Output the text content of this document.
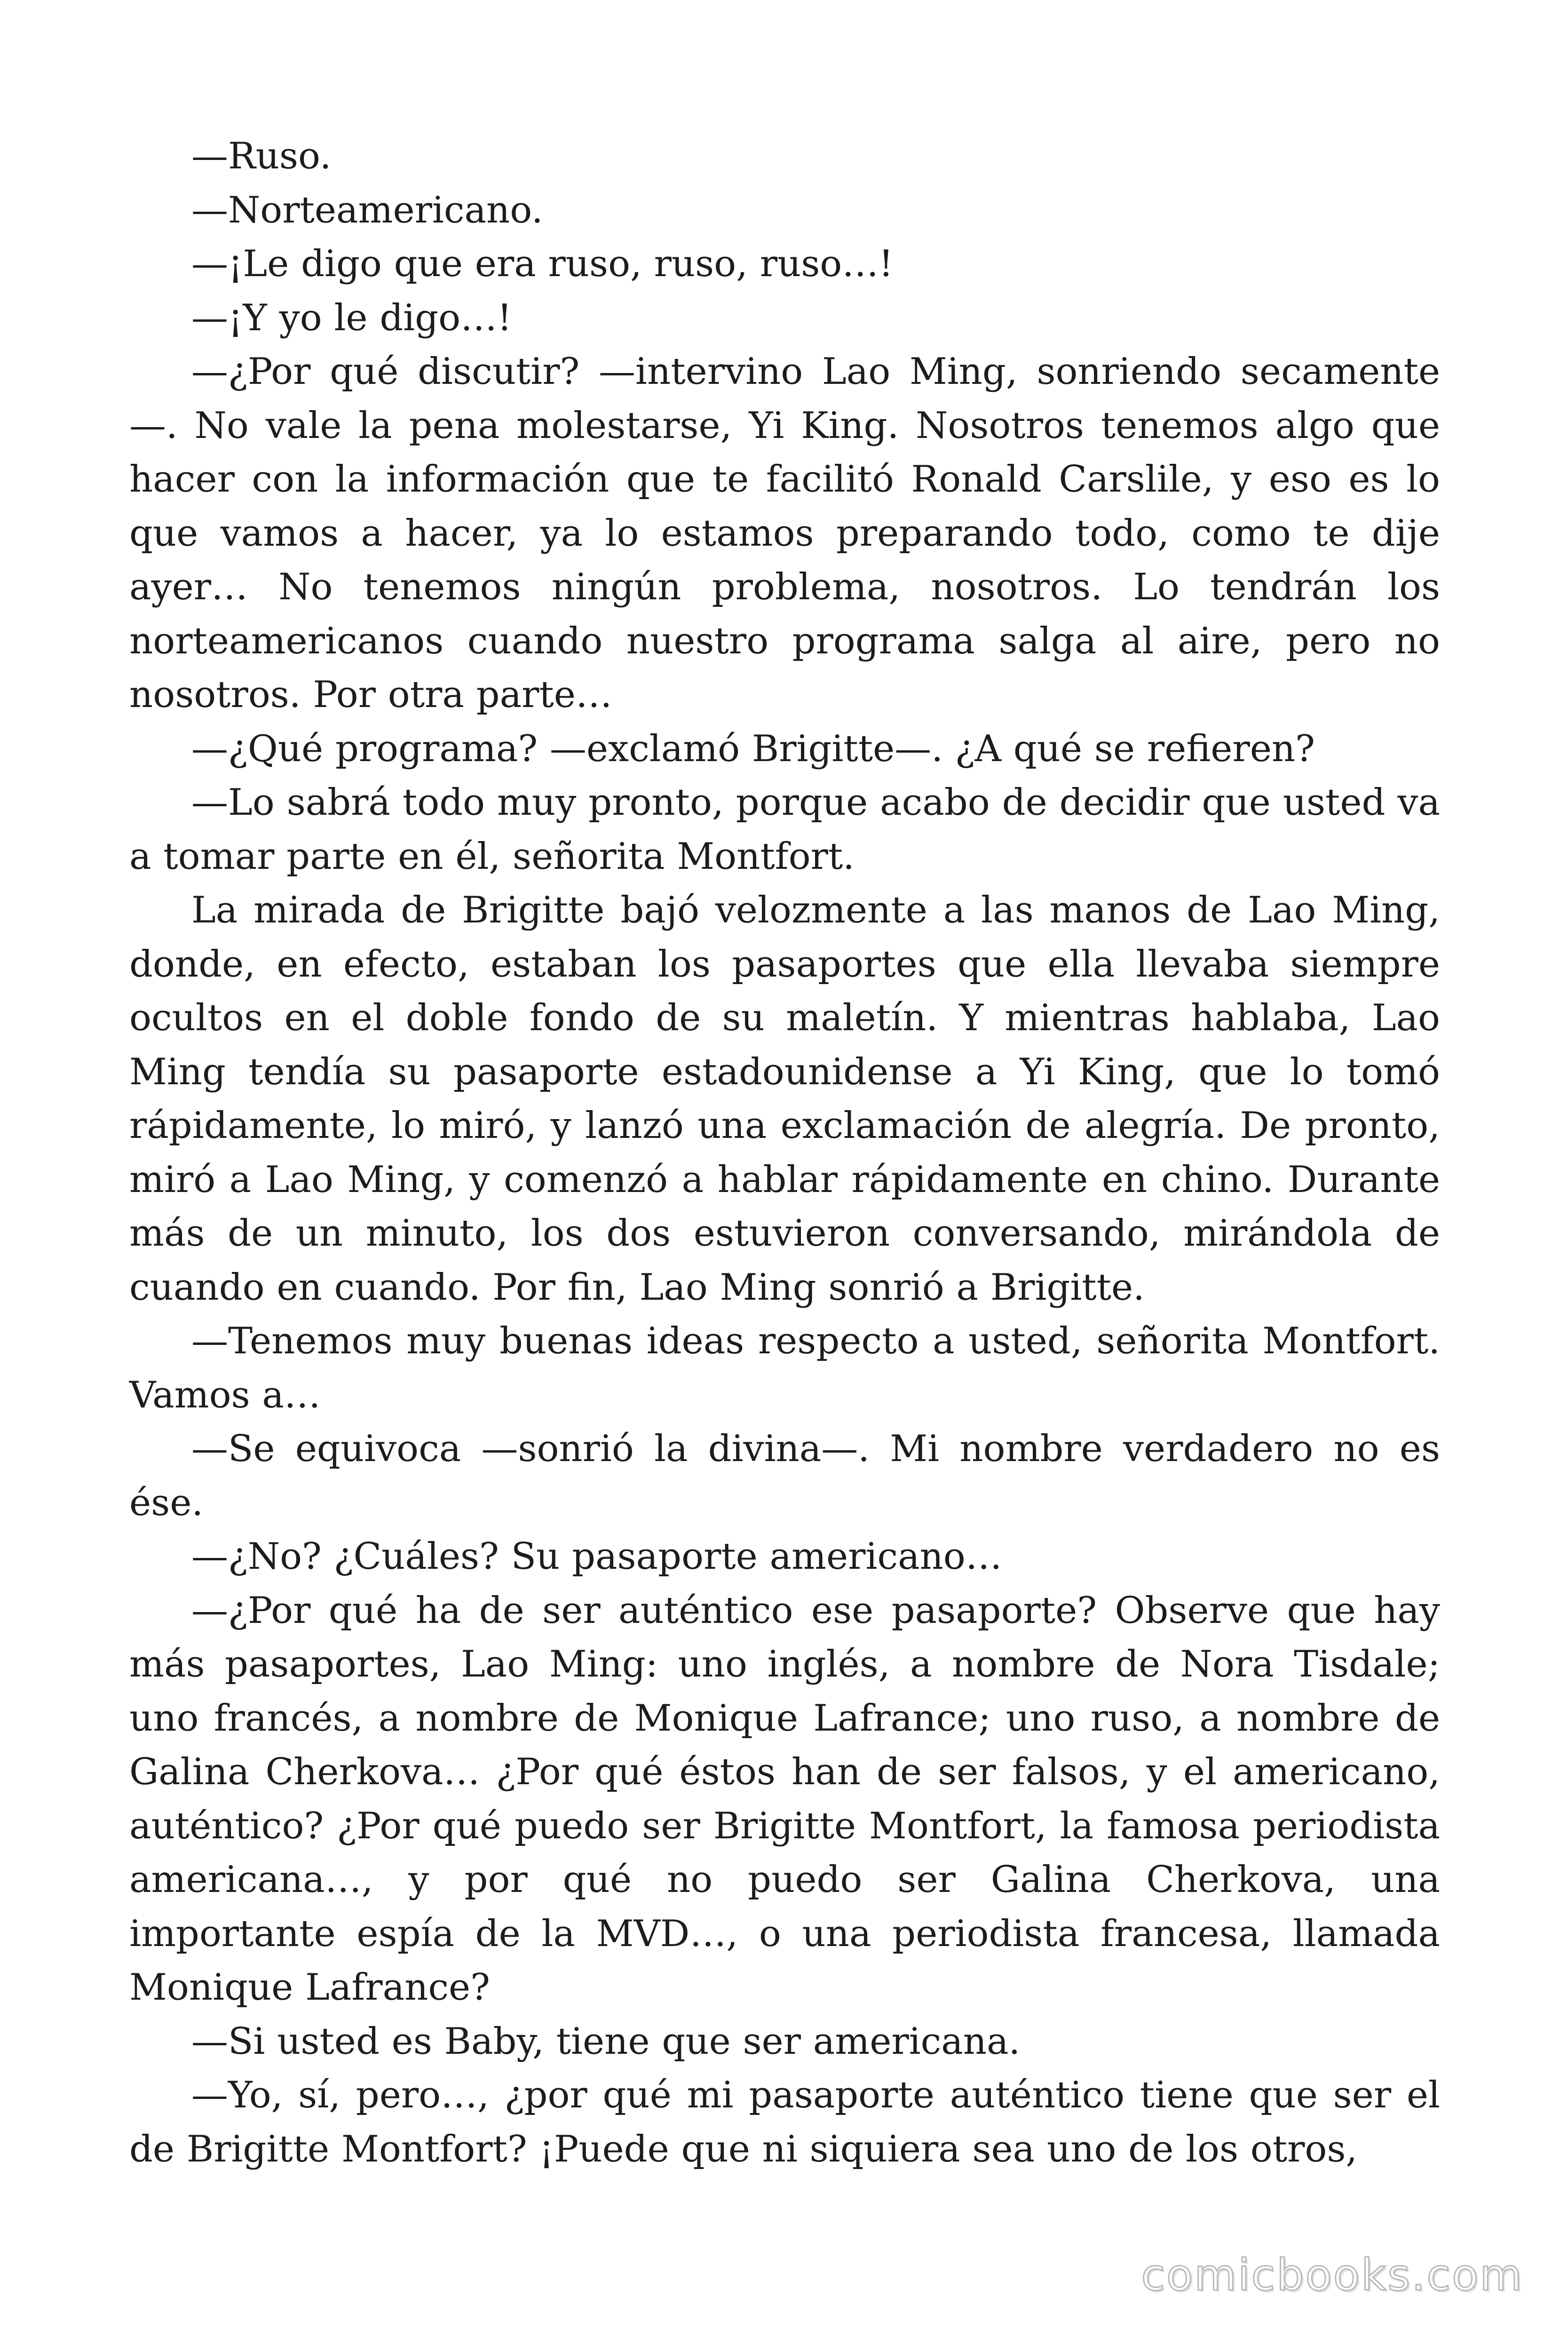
—Ruso.

—Norteamericano.

—¡Le digo que era ruso, ruso, ruso…!

—¡Y yo le digo…!

—¿Por qué discutir? —intervino Lao Ming, sonriendo secamente —. No vale la pena molestarse, Yi King. Nosotros tenemos algo que hacer con la información que te facilitó Ronald Carslile, y eso es lo que vamos a hacer, ya lo estamos preparando todo, como te dije ayer… No tenemos ningún problema, nosotros. Lo tendrán los norteamericanos cuando nuestro programa salga al aire, pero no nosotros. Por otra parte…

—¿Qué programa? —exclamó Brigitte—. ¿A qué se refieren?

—Lo sabrá todo muy pronto, porque acabo de decidir que usted va a tomar parte en él, señorita Montfort.

La mirada de Brigitte bajó velozmente a las manos de Lao Ming, donde, en efecto, estaban los pasaportes que ella llevaba siempre ocultos en el doble fondo de su maletín. Y mientras hablaba, Lao Ming tendía su pasaporte estadounidense a Yi King, que lo tomó rápidamente, lo miró, y lanzó una exclamación de alegría. De pronto, miró a Lao Ming, y comenzó a hablar rápidamente en chino. Durante más de un minuto, los dos estuvieron conversando, mirándola de cuando en cuando. Por fin, Lao Ming sonrió a Brigitte.

—Tenemos muy buenas ideas respecto a usted, señorita Montfort. Vamos a…

—Se equivoca —sonrió la divina—. Mi nombre verdadero no es ése.

—¿No? ¿Cuáles? Su pasaporte americano…

—¿Por qué ha de ser auténtico ese pasaporte? Observe que hay más pasaportes, Lao Ming: uno inglés, a nombre de Nora Tisdale; uno francés, a nombre de Monique Lafrance; uno ruso, a nombre de Galina Cherkova… ¿Por qué éstos han de ser falsos, y el americano, auténtico? ¿Por qué puedo ser Brigitte Montfort, la famosa periodista americana…, y por qué no puedo ser Galina Cherkova, una importante espía de la MVD…, o una periodista francesa, llamada Monique Lafrance?

—Si usted es Baby, tiene que ser americana.

—Yo, sí, pero…, ¿por qué mi pasaporte auténtico tiene que ser el de Brigitte Montfort? ¡Puede que ni siquiera sea uno de los otros,

comicbooks.com
